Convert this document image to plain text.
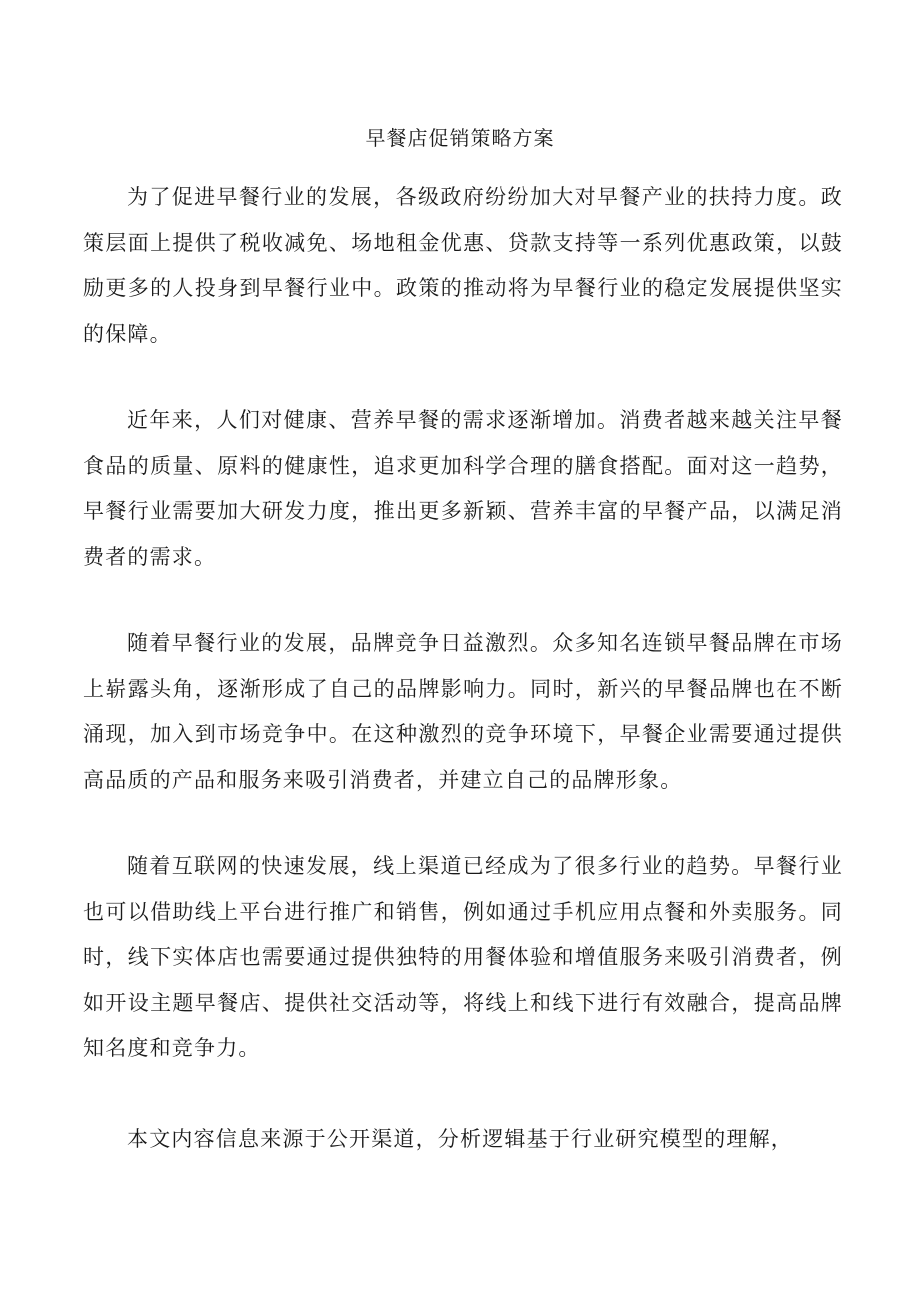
早餐店促销策略方案

为了促进早餐行业的发展，各级政府纷纷加大对早餐产业的扶持力度。政策层面上提供了税收减免、场地租金优惠、贷款支持等一系列优惠政策，以鼓励更多的人投身到早餐行业中。政策的推动将为早餐行业的稳定发展提供坚实的保障。

近年来，人们对健康、营养早餐的需求逐渐增加。消费者越来越关注早餐食品的质量、原料的健康性，追求更加科学合理的膳食搭配。面对这一趋势，早餐行业需要加大研发力度，推出更多新颖、营养丰富的早餐产品，以满足消费者的需求。

随着早餐行业的发展，品牌竞争日益激烈。众多知名连锁早餐品牌在市场上崭露头角，逐渐形成了自己的品牌影响力。同时，新兴的早餐品牌也在不断涌现，加入到市场竞争中。在这种激烈的竞争环境下，早餐企业需要通过提供高品质的产品和服务来吸引消费者，并建立自己的品牌形象。

随着互联网的快速发展，线上渠道已经成为了很多行业的趋势。早餐行业也可以借助线上平台进行推广和销售，例如通过手机应用点餐和外卖服务。同时，线下实体店也需要通过提供独特的用餐体验和增值服务来吸引消费者，例如开设主题早餐店、提供社交活动等，将线上和线下进行有效融合，提高品牌知名度和竞争力。

本文内容信息来源于公开渠道，分析逻辑基于行业研究模型的理解，
